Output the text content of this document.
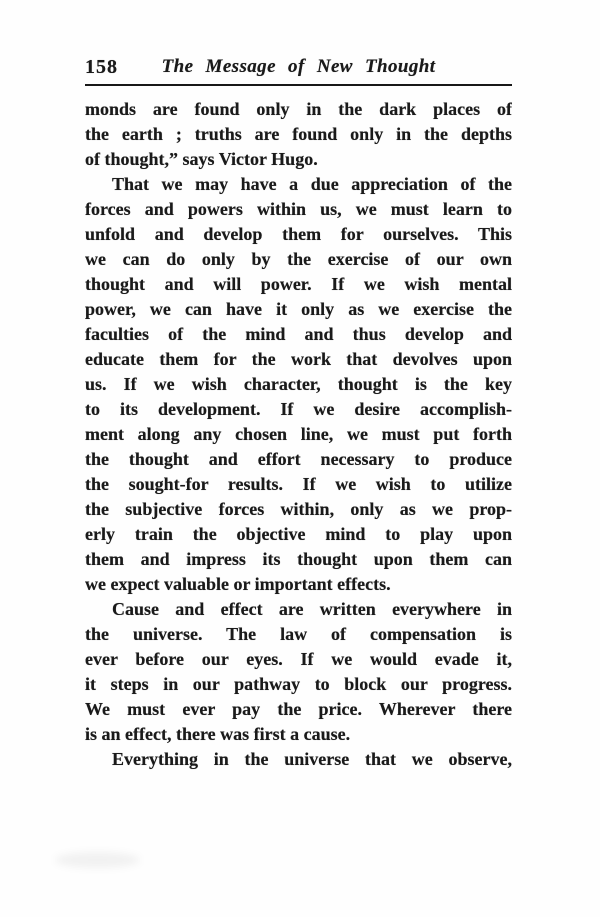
158	The Message of New Thought
monds are found only in the dark places of
the earth ; truths are found only in the depths
of thought,” says Victor Hugo.
That we may have a due appreciation of the
forces and powers within us, we must learn to
unfold and develop them for ourselves. This
we can do only by the exercise of our own
thought and will power. If we wish mental
power, we can have it only as we exercise the
faculties of the mind and thus develop and
educate them for the work that devolves upon
us. If we wish character, thought is the key
to its development. If we desire accomplish-
ment along any chosen line, we must put forth
the thought and effort necessary to produce
the sought-for results. If we wish to utilize
the subjective forces within, only as we prop-
erly train the objective mind to play upon
them and impress its thought upon them can
we expect valuable or important effects.
Cause and effect are written everywhere in
the universe. The law of compensation is
ever before our eyes. If we would evade it,
it steps in our pathway to block our progress.
We must ever pay the price. Wherever there
is an effect, there was first a cause.
Everything in the universe that we observe,
